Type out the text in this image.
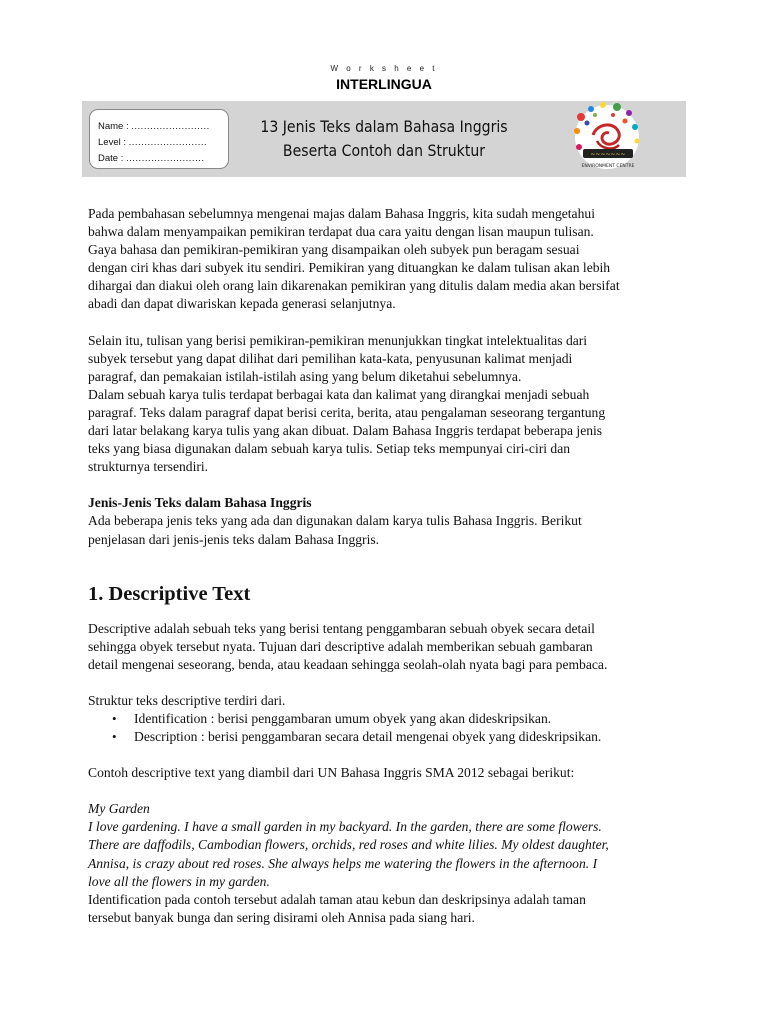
W o r k s h e e t
INTERLINGUA
Name : .........................
Level : .........................
Date : .........................
13 Jenis Teks dalam Bahasa Inggris
Beserta Contoh dan Struktur	~~~~~~~
ENVIRONMENT CENTRE

Pada pembahasan sebelumnya mengenai majas dalam Bahasa Inggris, kita sudah mengetahui

bahwa dalam menyampaikan pemikiran terdapat dua cara yaitu dengan lisan maupun tulisan.

Gaya bahasa dan pemikiran-pemikiran yang disampaikan oleh subyek pun beragam sesuai

dengan ciri khas dari subyek itu sendiri. Pemikiran yang dituangkan ke dalam tulisan akan lebih

dihargai dan diakui oleh orang lain dikarenakan pemikiran yang ditulis dalam media akan bersifat

abadi dan dapat diwariskan kepada generasi selanjutnya.

Selain itu, tulisan yang berisi pemikiran-pemikiran menunjukkan tingkat intelektualitas dari

subyek tersebut yang dapat dilihat dari pemilihan kata-kata, penyusunan kalimat menjadi

paragraf, dan pemakaian istilah-istilah asing yang belum diketahui sebelumnya.

Dalam sebuah karya tulis terdapat berbagai kata dan kalimat yang dirangkai menjadi sebuah

paragraf. Teks dalam paragraf dapat berisi cerita, berita, atau pengalaman seseorang tergantung

dari latar belakang karya tulis yang akan dibuat. Dalam Bahasa Inggris terdapat beberapa jenis

teks yang biasa digunakan dalam sebuah karya tulis. Setiap teks mempunyai ciri-ciri dan

strukturnya tersendiri.

Jenis-Jenis Teks dalam Bahasa Inggris

Ada beberapa jenis teks yang ada dan digunakan dalam karya tulis Bahasa Inggris. Berikut

penjelasan dari jenis-jenis teks dalam Bahasa Inggris.

1. Descriptive Text

Descriptive adalah sebuah teks yang berisi tentang penggambaran sebuah obyek secara detail

sehingga obyek tersebut nyata. Tujuan dari descriptive adalah memberikan sebuah gambaran

detail mengenai seseorang, benda, atau keadaan sehingga seolah-olah nyata bagi para pembaca.

Struktur teks descriptive terdiri dari.

• Identification : berisi penggambaran umum obyek yang akan dideskripsikan.
• Description : berisi penggambaran secara detail mengenai obyek yang dideskripsikan.

Contoh descriptive text yang diambil dari UN Bahasa Inggris SMA 2012 sebagai berikut:

My Garden

I love gardening. I have a small garden in my backyard. In the garden, there are some flowers.

There are daffodils, Cambodian flowers, orchids, red roses and white lilies. My oldest daughter,

Annisa, is crazy about red roses. She always helps me watering the flowers in the afternoon. I

love all the flowers in my garden.

Identification pada contoh tersebut adalah taman atau kebun dan deskripsinya adalah taman

tersebut banyak bunga dan sering disirami oleh Annisa pada siang hari.
